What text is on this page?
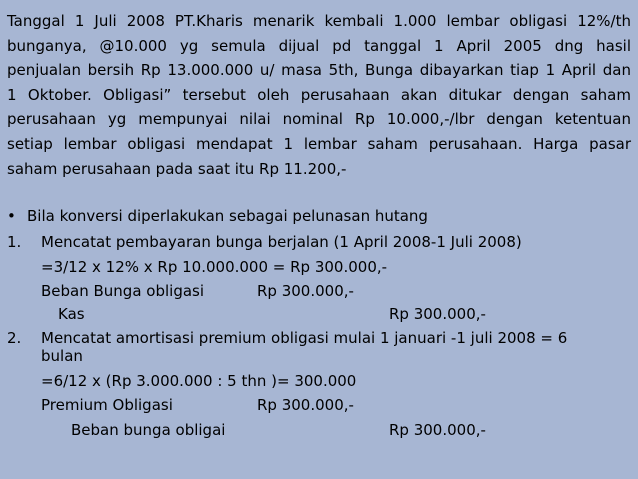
Tanggal 1 Juli 2008 PT.Kharis menarik kembali 1.000 lembar obligasi 12%/th
bunganya, @10.000 yg semula dijual pd tanggal 1 April 2005 dng hasil
penjualan bersih Rp 13.000.000 u/ masa 5th, Bunga dibayarkan tiap 1 April dan
1 Oktober. Obligasi” tersebut oleh perusahaan akan ditukar dengan saham
perusahaan yg mempunyai nilai nominal Rp 10.000,-/lbr dengan ketentuan
setiap lembar obligasi mendapat 1 lembar saham perusahaan. Harga pasar
saham perusahaan pada saat itu Rp 11.200,-
• Bila konversi diperlakukan sebagai pelunasan hutang
1. Mencatat pembayaran bunga berjalan (1 April 2008-1 Juli 2008)
=3/12 x 12% x Rp 10.000.000 = Rp 300.000,-
Beban Bunga obligasi	Rp 300.000,-
Kas	Rp 300.000,-
2. Mencatat amortisasi premium obligasi mulai 1 januari -1 juli 2008 = 6
bulan
=6/12 x (Rp 3.000.000 : 5 thn )= 300.000
Premium Obligasi	Rp 300.000,-
Beban bunga obligai	Rp 300.000,-
